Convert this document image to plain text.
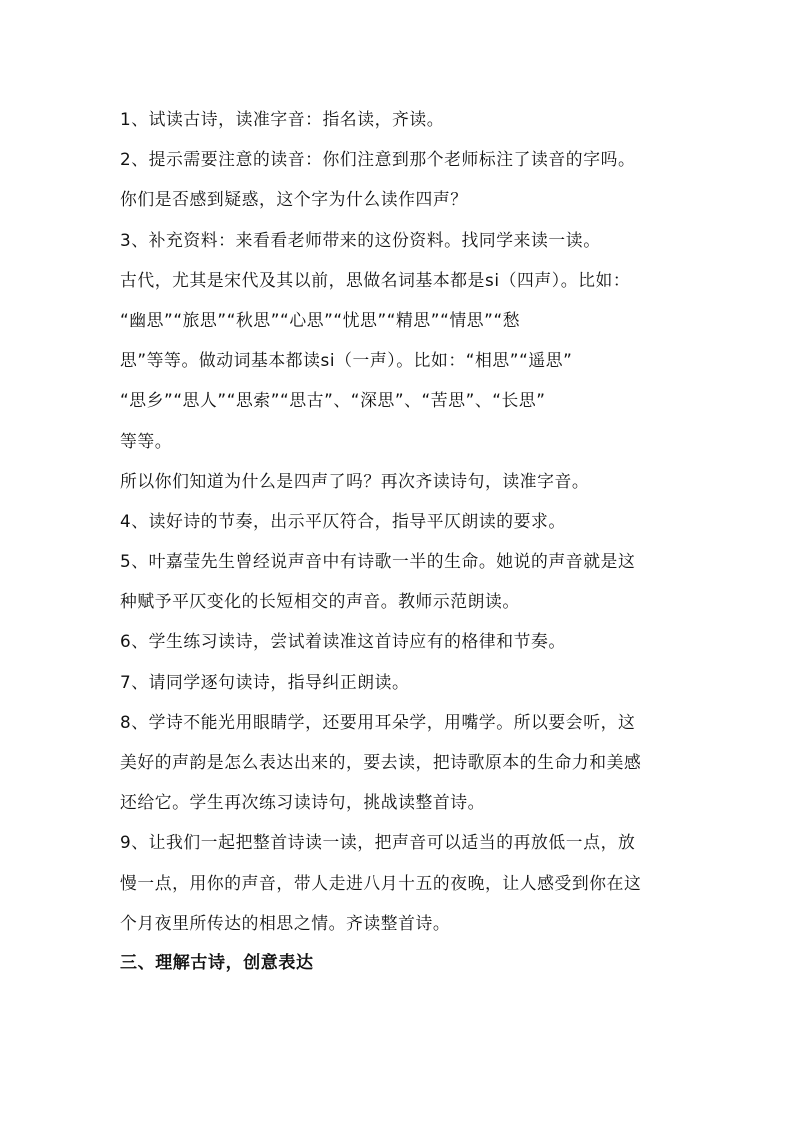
1、试读古诗，读准字音：指名读，齐读。
2、提示需要注意的读音：你们注意到那个老师标注了读音的字吗。
你们是否感到疑惑，这个字为什么读作四声？
3、补充资料：来看看老师带来的这份资料。找同学来读一读。
古代，尤其是宋代及其以前，思做名词基本都是si（四声）。比如：
“幽思”“旅思”“秋思”“心思”“忧思”“精思”“情思”“愁
思”等等。做动词基本都读si（一声）。比如：“相思”“遥思”
“思乡”“思人”“思索”“思古”、“深思”、“苦思”、“长思”
等等。
所以你们知道为什么是四声了吗？再次齐读诗句，读准字音。
4、读好诗的节奏，出示平仄符合，指导平仄朗读的要求。
5、叶嘉莹先生曾经说声音中有诗歌一半的生命。她说的声音就是这
种赋予平仄变化的长短相交的声音。教师示范朗读。
6、学生练习读诗，尝试着读准这首诗应有的格律和节奏。
7、请同学逐句读诗，指导纠正朗读。
8、学诗不能光用眼睛学，还要用耳朵学，用嘴学。所以要会听，这
美好的声韵是怎么表达出来的，要去读，把诗歌原本的生命力和美感
还给它。学生再次练习读诗句，挑战读整首诗。
9、让我们一起把整首诗读一读，把声音可以适当的再放低一点，放
慢一点，用你的声音，带人走进八月十五的夜晚，让人感受到你在这
个月夜里所传达的相思之情。齐读整首诗。
三、理解古诗，创意表达
